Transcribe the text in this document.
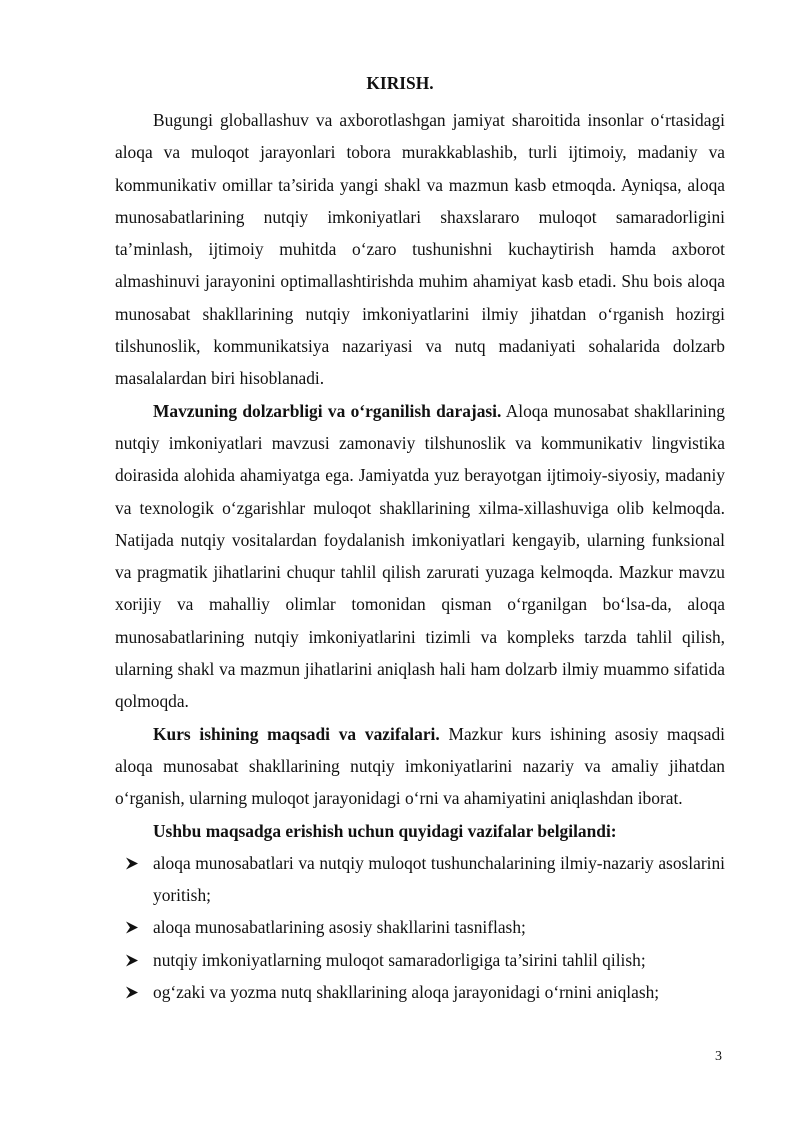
KIRISH.

Bugungi globallashuv va axborotlashgan jamiyat sharoitida insonlar o‘rtasidagi aloqa va muloqot jarayonlari tobora murakkablashib, turli ijtimoiy, madaniy va kommunikativ omillar ta’sirida yangi shakl va mazmun kasb etmoqda. Ayniqsa, aloqa munosabatlarining nutqiy imkoniyatlari shaxslararo muloqot samaradorligini ta’minlash, ijtimoiy muhitda o‘zaro tushunishni kuchaytirish hamda axborot almashinuvi jarayonini optimallashtirishda muhim ahamiyat kasb etadi. Shu bois aloqa munosabat shakllarining nutqiy imkoniyatlarini ilmiy jihatdan o‘rganish hozirgi tilshunoslik, kommunikatsiya nazariyasi va nutq madaniyati sohalarida dolzarb masalalardan biri hisoblanadi.

Mavzuning dolzarbligi va o‘rganilish darajasi. Aloqa munosabat shakllarining nutqiy imkoniyatlari mavzusi zamonaviy tilshunoslik va kommunikativ lingvistika doirasida alohida ahamiyatga ega. Jamiyatda yuz berayotgan ijtimoiy-siyosiy, madaniy va texnologik o‘zgarishlar muloqot shakllarining xilma-xillashuviga olib kelmoqda. Natijada nutqiy vositalardan foydalanish imkoniyatlari kengayib, ularning funksional va pragmatik jihatlarini chuqur tahlil qilish zarurati yuzaga kelmoqda. Mazkur mavzu xorijiy va mahalliy olimlar tomonidan qisman o‘rganilgan bo‘lsa-da, aloqa munosabatlarining nutqiy imkoniyatlarini tizimli va kompleks tarzda tahlil qilish, ularning shakl va mazmun jihatlarini aniqlash hali ham dolzarb ilmiy muammo sifatida qolmoqda.

Kurs ishining maqsadi va vazifalari. Mazkur kurs ishining asosiy maqsadi aloqa munosabat shakllarining nutqiy imkoniyatlarini nazariy va amaliy jihatdan o‘rganish, ularning muloqot jarayonidagi o‘rni va ahamiyatini aniqlashdan iborat.

Ushbu maqsadga erishish uchun quyidagi vazifalar belgilandi:

aloqa munosabatlari va nutqiy muloqot tushunchalarining ilmiy-nazariy asoslarini yoritish;
aloqa munosabatlarining asosiy shakllarini tasniflash;
nutqiy imkoniyatlarning muloqot samaradorligiga ta’sirini tahlil qilish;
og‘zaki va yozma nutq shakllarining aloqa jarayonidagi o‘rnini aniqlash;
3
